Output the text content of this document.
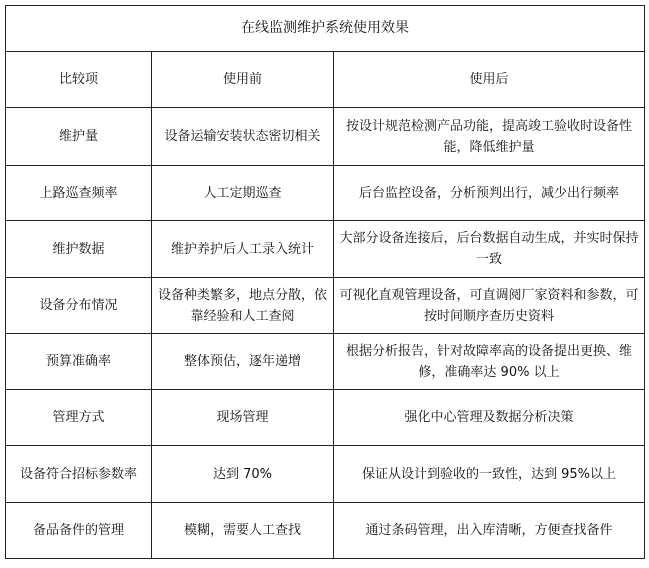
在线监测维护系统使用效果		
比较项	使用前	使用后
维护量	设备运输安装状态密切相关	按设计规范检测产品功能，提高竣工验收时设备性能，降低维护量
上路巡查频率	人工定期巡查	后台监控设备，分析预判出行，减少出行频率
维护数据	维护养护后人工录入统计	大部分设备连接后，后台数据自动生成，并实时保持一致
设备分布情况	设备种类繁多，地点分散，依靠经验和人工查阅	可视化直观管理设备，可直调阅厂家资料和参数，可按时间顺序查历史资料
预算准确率	整体预估，逐年递增	根据分析报告，针对故障率高的设备提出更换、维修，准确率达 90% 以上
管理方式	现场管理	强化中心管理及数据分析决策
设备符合招标参数率	达到 70%	保证从设计到验收的一致性，达到 95%以上
备品备件的管理	模糊，需要人工查找	通过条码管理，出入库清晰，方便查找备件
